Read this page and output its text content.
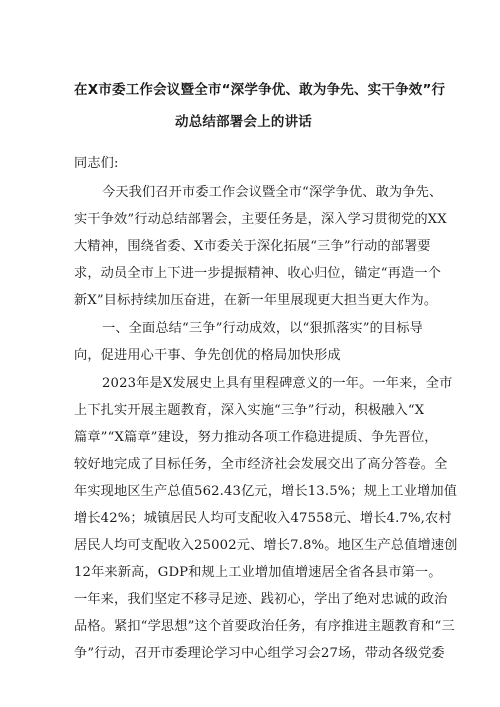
在X市委工作会议暨全市“深学争优、敢为争先、实干争效”行
动总结部署会上的讲话
同志们:
今天我们召开市委工作会议暨全市“深学争优、敢为争先、
实干争效”行动总结部署会，主要任务是，深入学习贯彻党的XX
大精神，围绕省委、X市委关于深化拓展“三争”行动的部署要
求，动员全市上下进一步提振精神、收心归位，锚定“再造一个
新X”目标持续加压奋进，在新一年里展现更大担当更大作为。
一、全面总结“三争”行动成效，以“狠抓落实”的目标导
向，促进用心干事、争先创优的格局加快形成
2023年是X发展史上具有里程碑意义的一年。一年来，全市
上下扎实开展主题教育，深入实施“三争”行动，积极融入“X
篇章”“X篇章”建设，努力推动各项工作稳进提质、争先晋位，
较好地完成了目标任务，全市经济社会发展交出了高分答卷。全
年实现地区生产总值562.43亿元，增长13.5%；规上工业增加值
增长42%；城镇居民人均可支配收入47558元、增长4.7%,农村
居民人均可支配收入25002元、增长7.8%。地区生产总值增速创
12年来新高，GDP和规上工业增加值增速居全省各县市第一。
一年来，我们坚定不移寻足迹、践初心，学出了绝对忠诚的政治
品格。紧扣“学思想”这个首要政治任务，有序推进主题教育和“三
争”行动，召开市委理论学习中心组学习会27场，带动各级党委
